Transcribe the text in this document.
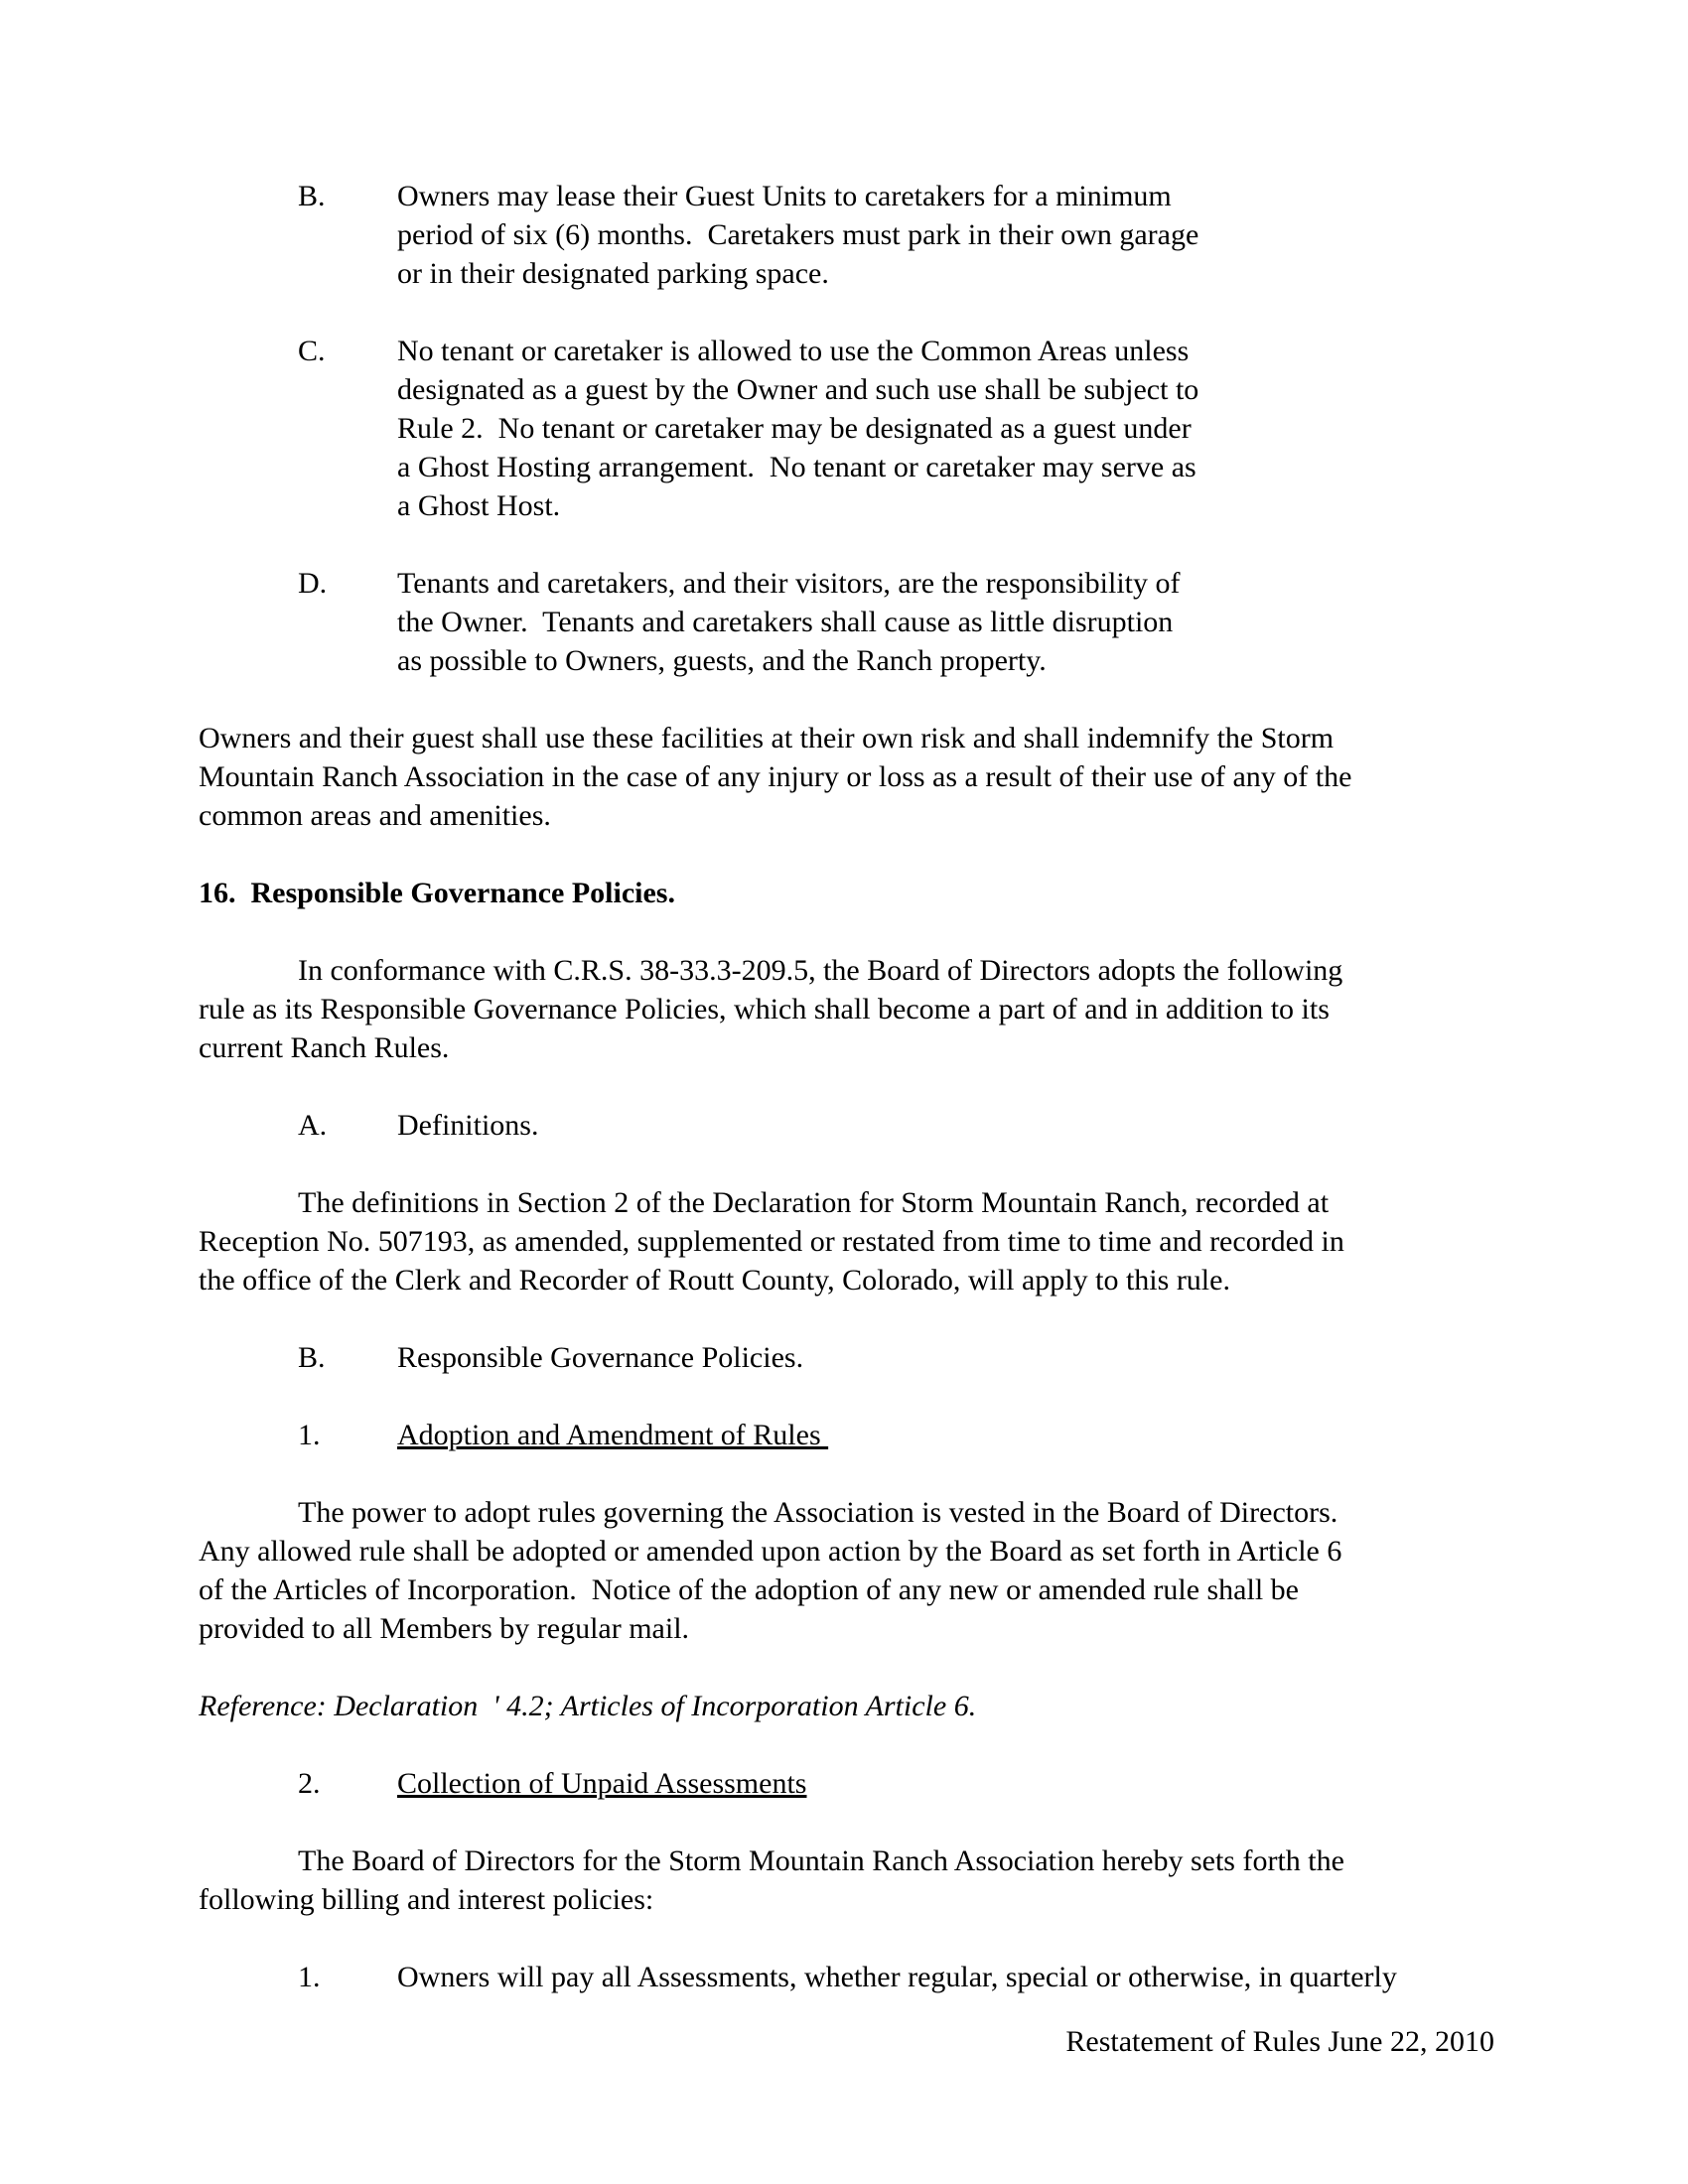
B.	Owners may lease their Guest Units to caretakers for a minimum
period of six (6) months.  Caretakers must park in their own garage
or in their designated parking space.
C.	No tenant or caretaker is allowed to use the Common Areas unless
designated as a guest by the Owner and such use shall be subject to
Rule 2.  No tenant or caretaker may be designated as a guest under
a Ghost Hosting arrangement.  No tenant or caretaker may serve as
a Ghost Host.
D.	Tenants and caretakers, and their visitors, are the responsibility of
the Owner.  Tenants and caretakers shall cause as little disruption
as possible to Owners, guests, and the Ranch property.
Owners and their guest shall use these facilities at their own risk and shall indemnify the Storm
Mountain Ranch Association in the case of any injury or loss as a result of their use of any of the
common areas and amenities.
16.  Responsible Governance Policies.
In conformance with C.R.S. 38-33.3-209.5, the Board of Directors adopts the following
rule as its Responsible Governance Policies, which shall become a part of and in addition to its
current Ranch Rules.
A.	Definitions.
The definitions in Section 2 of the Declaration for Storm Mountain Ranch, recorded at
Reception No. 507193, as amended, supplemented or restated from time to time and recorded in
the office of the Clerk and Recorder of Routt County, Colorado, will apply to this rule.
B.	Responsible Governance Policies.
1.	Adoption and Amendment of Rules
The power to adopt rules governing the Association is vested in the Board of Directors.
Any allowed rule shall be adopted or amended upon action by the Board as set forth in Article 6
of the Articles of Incorporation.  Notice of the adoption of any new or amended rule shall be
provided to all Members by regular mail.
Reference: Declaration  ' 4.2; Articles of Incorporation Article 6.
2.	Collection of Unpaid Assessments
The Board of Directors for the Storm Mountain Ranch Association hereby sets forth the
following billing and interest policies:
1.	Owners will pay all Assessments, whether regular, special or otherwise, in quarterly
Restatement of Rules June 22, 2010
